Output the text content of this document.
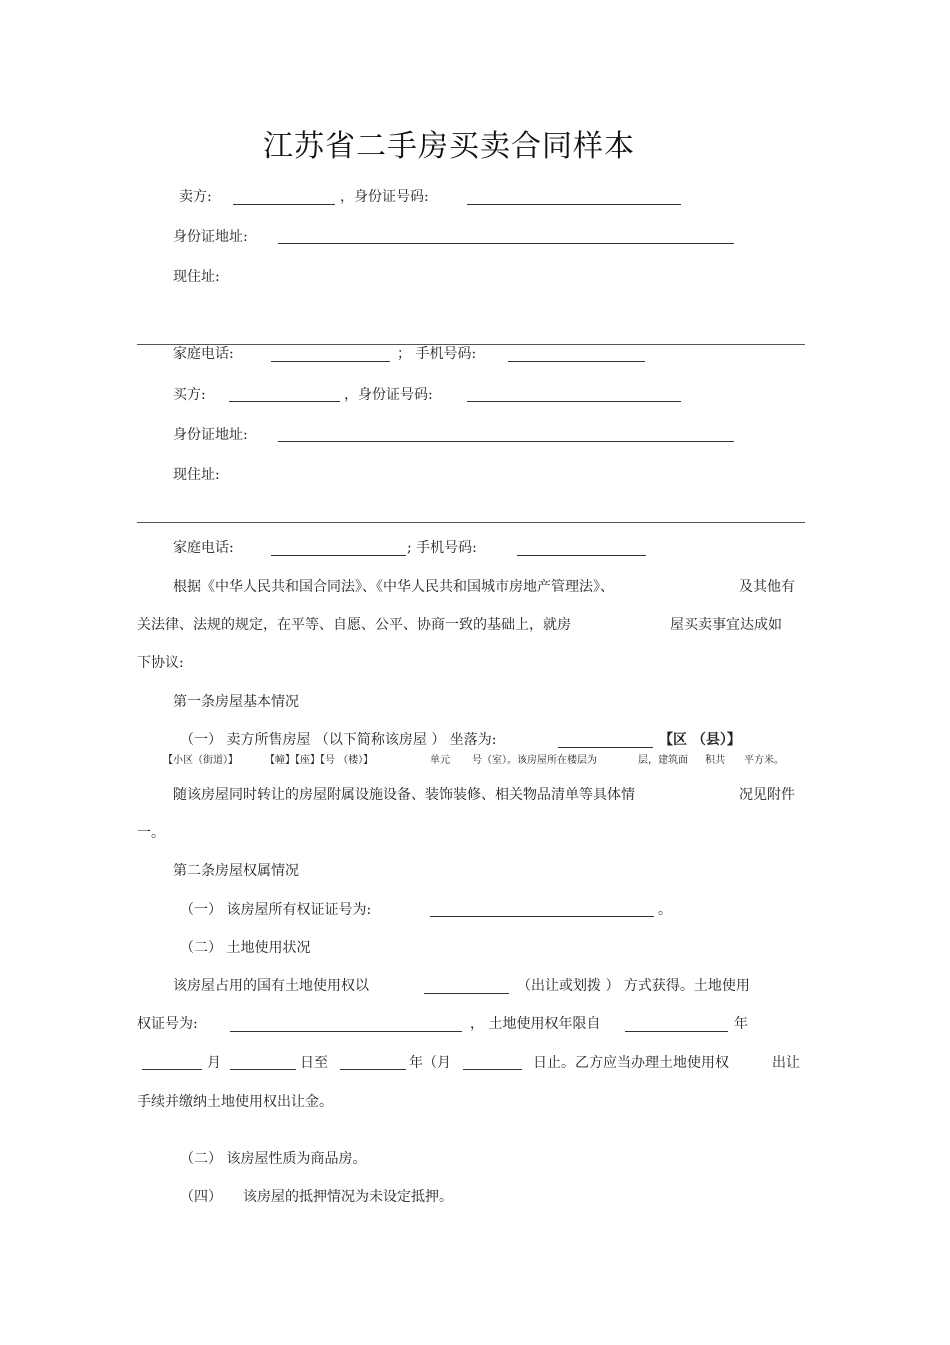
江苏省二手房买卖合同样本
卖方:	，身份证号码:
身份证地址:
现住址:
家庭电话:	； 手机号码:
买方:	，身份证号码:
身份证地址:
现住址:
家庭电话:	; 手机号码:
根据《中华人民共和国合同法》、《中华人民共和国城市房地产管理法》、	及其他有
关法律、法规的规定，在平等、自愿、公平、协商一致的基础上，就房	屋买卖事宜达成如
下协议:
第一条房屋基本情况
（一） 卖方所售房屋 （以下简称该房屋 ） 坐落为:	【区 （县）】
【小区（街道）】	【幢】【座】【号 （楼）】	单元 号（室）。该房屋所在楼层为	层，建筑面 积共 平方米。
随该房屋同时转让的房屋附属设施设备、装饰装修、相关物品清单等具体情	况见附件
一。
第二条房屋权属情况
（一） 该房屋所有权证证号为:	。
（二） 土地使用状况
该房屋占用的国有土地使用权以	（出让或划拨 ） 方式获得。土地使用
权证号为:	， 土地使用权年限自	年
月	日至	年（月	日止。乙方应当办理土地使用权	出让
手续并缴纳土地使用权出让金。
（二） 该房屋性质为商品房。
（四） 该房屋的抵押情况为未设定抵押。
